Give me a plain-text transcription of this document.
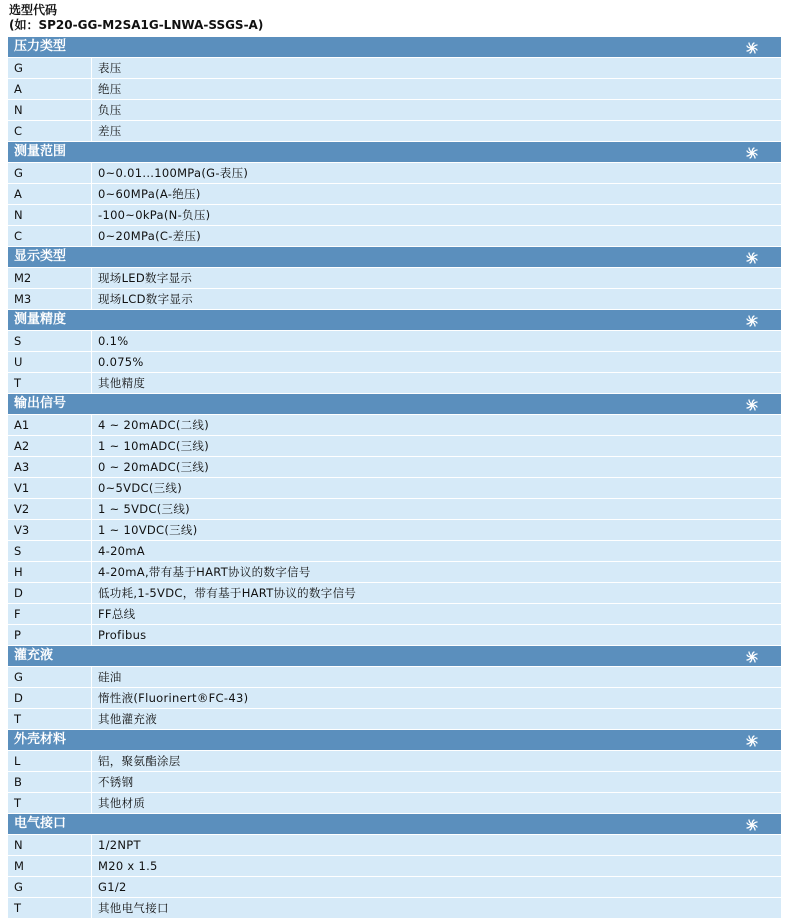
选型代码
(如：SP20-GG-M2SA1G-LNWA-SSGS-A)
压力类型
G	表压
A	绝压
N	负压
C	差压
测量范围
G	0~0.01...100MPa(G-表压)
A	0~60MPa(A-绝压)
N	-100~0kPa(N-负压)
C	0~20MPa(C-差压)
显示类型
M2	现场LED数字显示
M3	现场LCD数字显示
测量精度
S	0.1%
U	0.075%
T	其他精度
输出信号
A1	4 ~ 20mADC(二线)
A2	1 ~ 10mADC(三线)
A3	0 ~ 20mADC(三线)
V1	0~5VDC(三线)
V2	1 ~ 5VDC(三线)
V3	1 ~ 10VDC(三线)
S	4-20mA
H	4-20mA,带有基于HART协议的数字信号
D	低功耗,1-5VDC，带有基于HART协议的数字信号
F	FF总线
P	Profibus
灌充液
G	硅油
D	惰性液(Fluorinert®FC-43)
T	其他灌充液
外壳材料
L	铝，聚氨酯涂层
B	不锈钢
T	其他材质
电气接口
N	1/2NPT
M	M20 x 1.5
G	G1/2
T	其他电气接口
